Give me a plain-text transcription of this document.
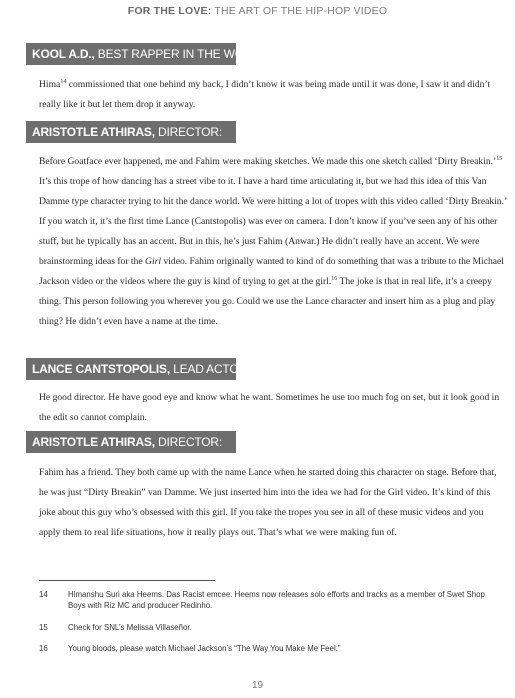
FOR THE LOVE: THE ART OF THE HIP-HOP VIDEO
KOOL A.D., BEST RAPPER IN THE WORLD:

Hima$^{14}$ commissioned that one behind my back, I didn’t know it was being made until it was done, I saw it and didn’t really like it but let them drop it anyway.

ARISTOTLE ATHIRAS, DIRECTOR:

Before Goatface ever happened, me and Fahim were making sketches. We made this one sketch called ‘Dirty Breakin.’$^{15}$ It’s this trope of how dancing has a street vibe to it. I have a hard time articulating it, but we had this idea of this Van Damme type character trying to hit the dance world. We were hitting a lot of tropes with this video called ‘Dirty Breakin.’ If you watch it, it’s the first time Lance (Cantstopolis) was ever on camera. I don’t know if you’ve seen any of his other stuff, but he typically has an accent. But in this, he’s just Fahim (Anwar.) He didn’t really have an accent. We were brainstorming ideas for the Girl video. Fahim originally wanted to kind of do something that was a tribute to the Michael Jackson video or the videos where the guy is kind of trying to get at the girl.$^{16}$ The joke is that in real life, it’s a creepy thing. This person following you wherever you go. Could we use the Lance character and insert him as a plug and play thing? He didn’t even have a name at the time.

LANCE CANTSTOPOLIS, LEAD ACTOR:

He good director. He have good eye and know what he want. Sometimes he use too much fog on set, but it look good in the edit so cannot complain.

ARISTOTLE ATHIRAS, DIRECTOR:

Fahim has a friend. They both came up with the name Lance when he started doing this character on stage. Before that, he was just “Dirty Breakin” van Damme. We just inserted him into the idea we had for the Girl video. It’s kind of this joke about this guy who’s obsessed with this girl. If you take the tropes you see in all of these music videos and you apply them to real life situations, how it really plays out. That’s what we were making fun of.

14	Himanshu Suri aka Heems. Das Racist emcee. Heems now releases solo efforts and tracks as a member of Swet Shop Boys with Riz MC and producer Redinho.
15	Check for SNL’s Melissa Villaseñor.
16	Young bloods, please watch Michael Jackson’s “The Way You Make Me Feel.”
19
